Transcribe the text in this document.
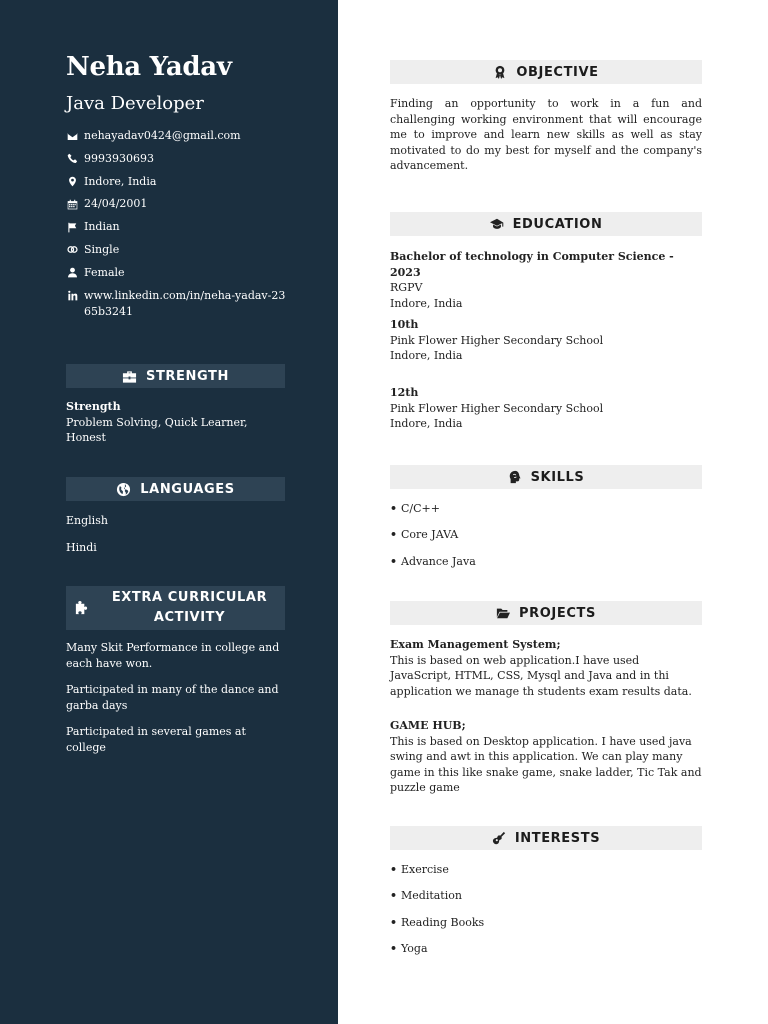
Neha Yadav
Java Developer
nehayadav0424@gmail.com
9993930693
Indore, India
24/04/2001
Indian
Single
Female
www.linkedin.com/in/neha-yadav-2365b3241
STRENGTH
Strength
Problem Solving, Quick Learner, Honest
LANGUAGES
English
Hindi
EXTRA CURRICULAR
ACTIVITY
Many Skit Performance in college and each have won.
Participated in many of the dance and garba days
Participated in several games at college
OBJECTIVE
Finding an opportunity to work in a fun and challenging working environment that will encourage me to improve and learn new skills as well as stay motivated to do my best for myself and the company's advancement.
EDUCATION
Bachelor of technology in Computer Science - 2023
RGPV
Indore, India
10th
Pink Flower Higher Secondary School
Indore, India
12th
Pink Flower Higher Secondary School
Indore, India
SKILLS
• C/C++
• Core JAVA
• Advance Java
PROJECTS
Exam Management System;
This is based on web application.I have used JavaScript, HTML, CSS, Mysql and Java and in thi application we manage th students exam results data.
GAME HUB;
This is based on Desktop application. I have used java swing and awt in this application. We can play many game in this like snake game, snake ladder, Tic Tak and puzzle game
INTERESTS
• Exercise
• Meditation
• Reading Books
• Yoga
